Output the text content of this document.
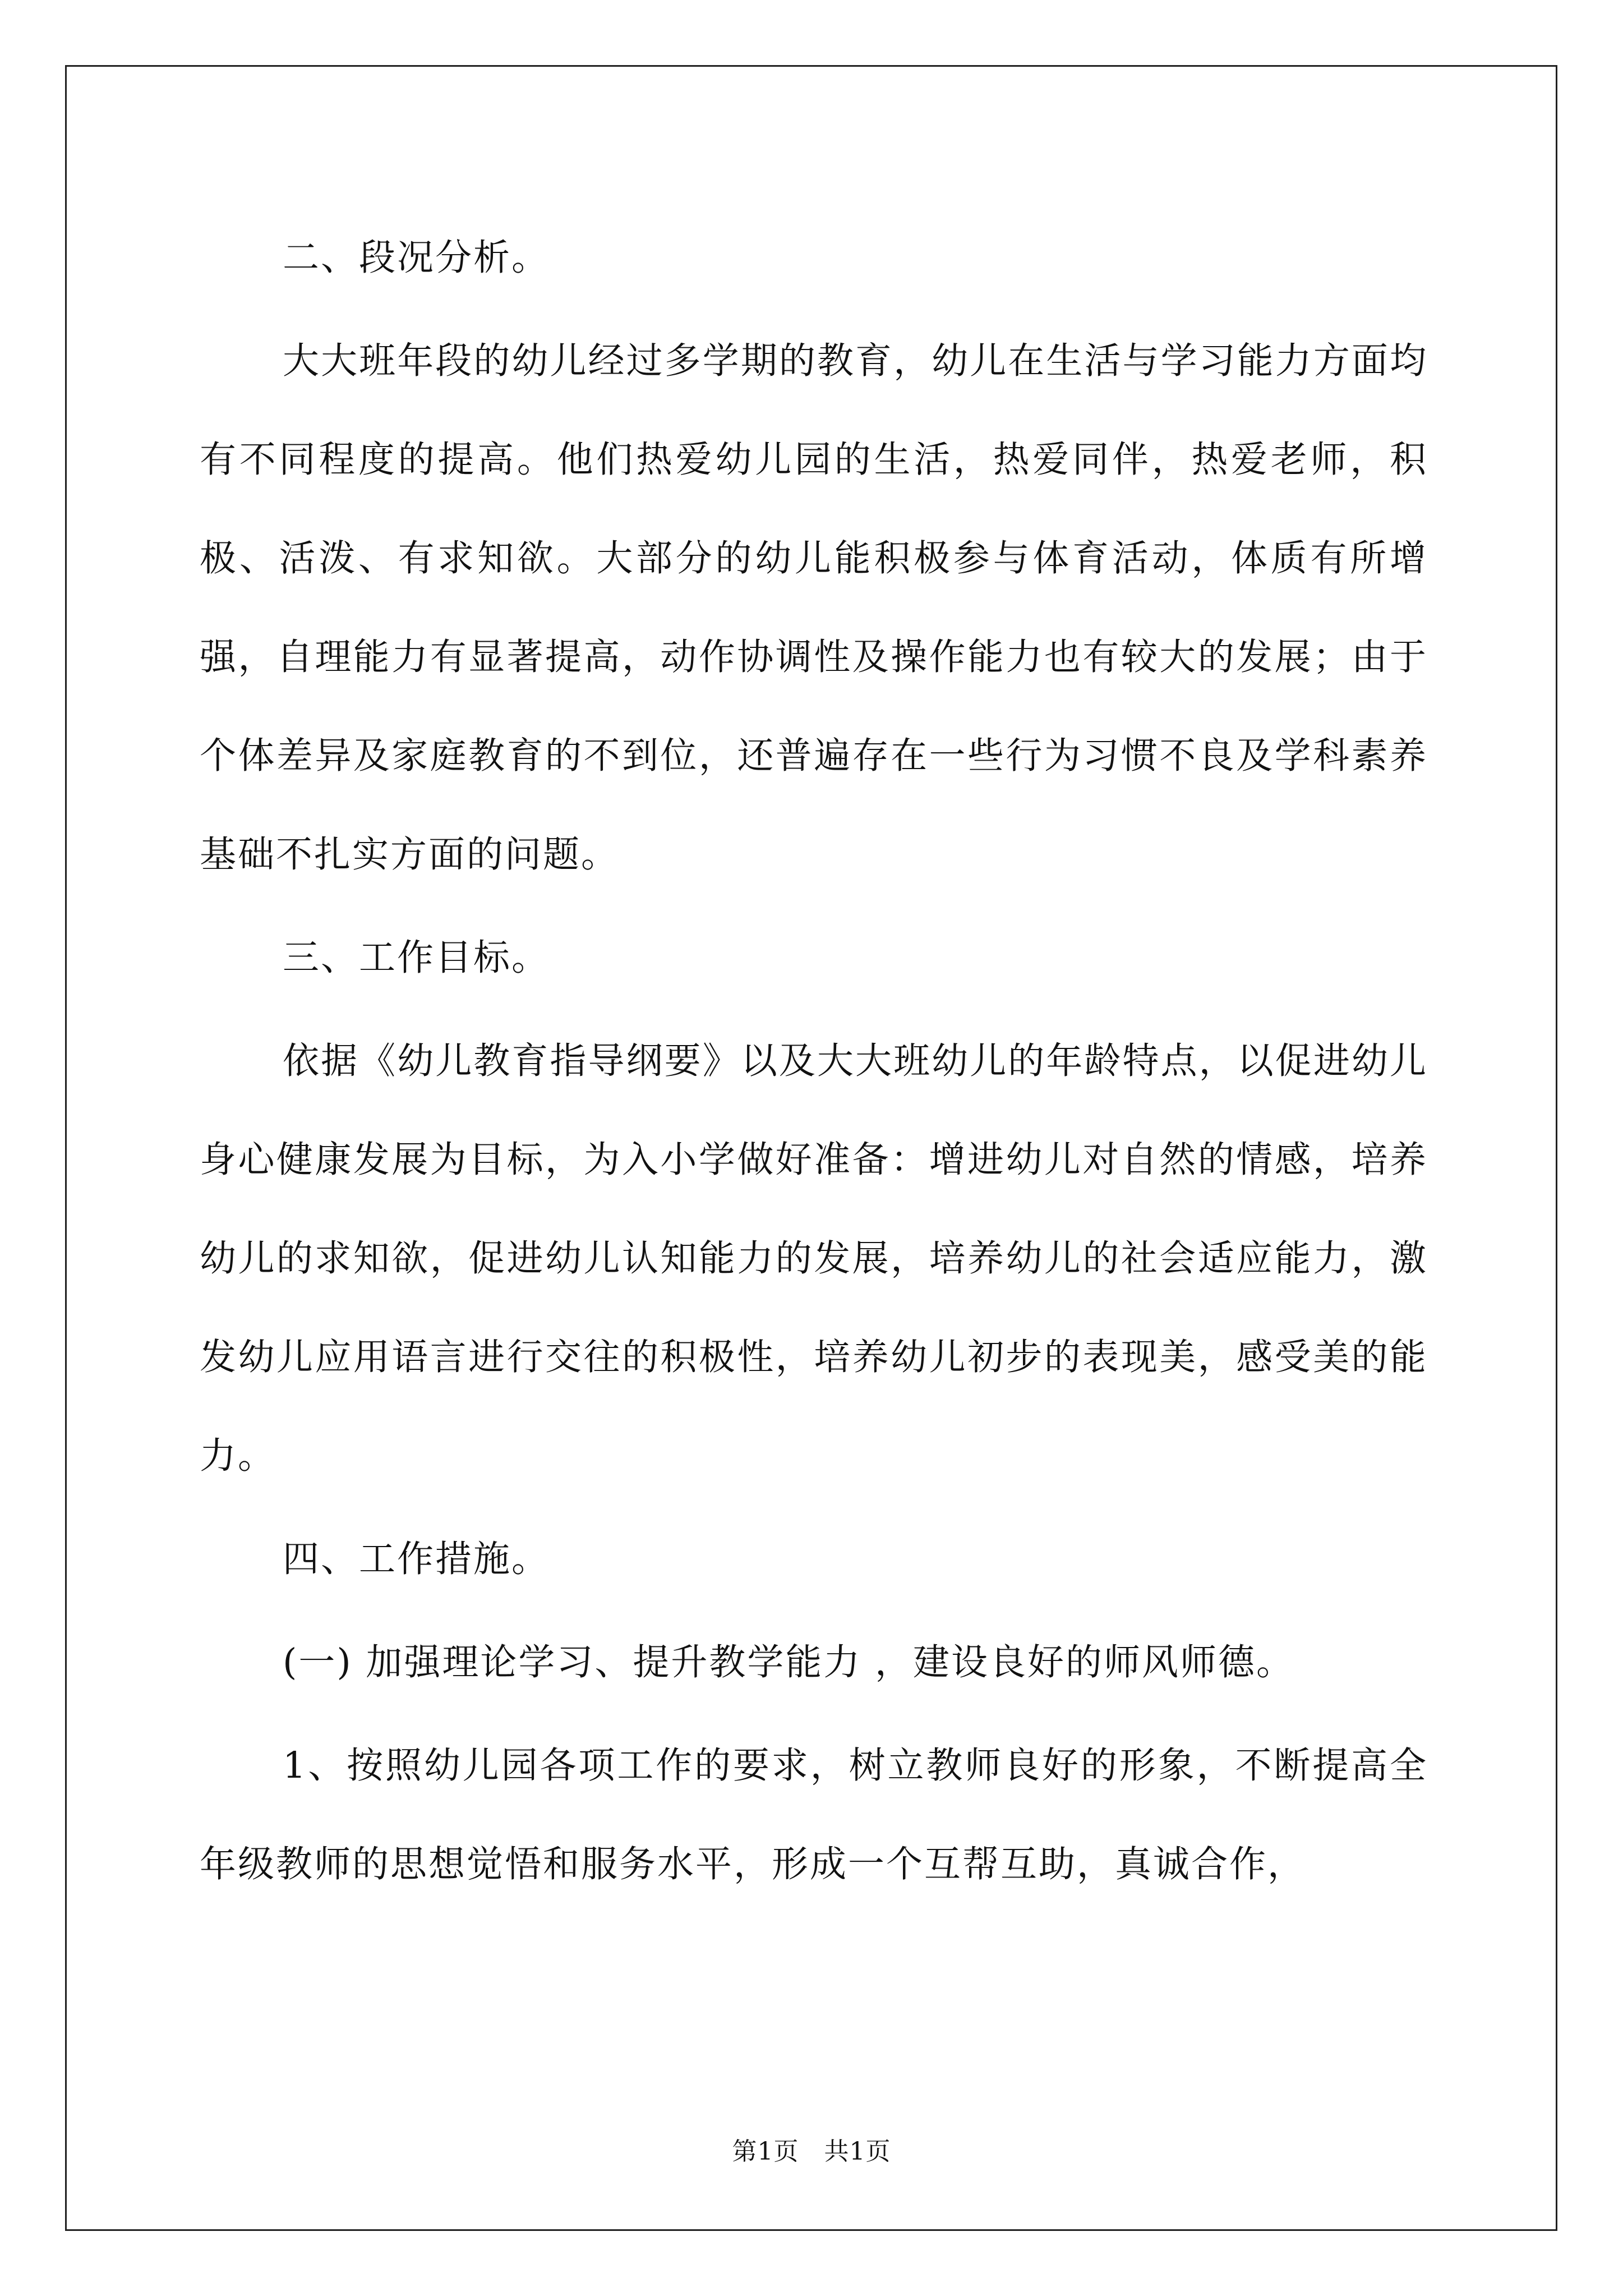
二、段况分析。

大大班年段的幼儿经过多学期的教育，幼儿在生活与学习能力方面均有不同程度的提高。他们热爱幼儿园的生活，热爱同伴，热爱老师，积极、活泼、有求知欲。大部分的幼儿能积极参与体育活动，体质有所增强，自理能力有显著提高，动作协调性及操作能力也有较大的发展；由于个体差异及家庭教育的不到位，还普遍存在一些行为习惯不良及学科素养基础不扎实方面的问题。

三、工作目标。

依据《幼儿教育指导纲要》以及大大班幼儿的年龄特点，以促进幼儿身心健康发展为目标，为入小学做好准备：增进幼儿对自然的情感，培养幼儿的求知欲，促进幼儿认知能力的发展，培养幼儿的社会适应能力，激发幼儿应用语言进行交往的积极性，培养幼儿初步的表现美，感受美的能力。

四、工作措施。

(一) 加强理论学习、提升教学能力 ，建设良好的师风师德。

1、按照幼儿园各项工作的要求，树立教师良好的形象，不断提高全年级教师的思想觉悟和服务水平，形成一个互帮互助，真诚合作，

第1页　共1页
